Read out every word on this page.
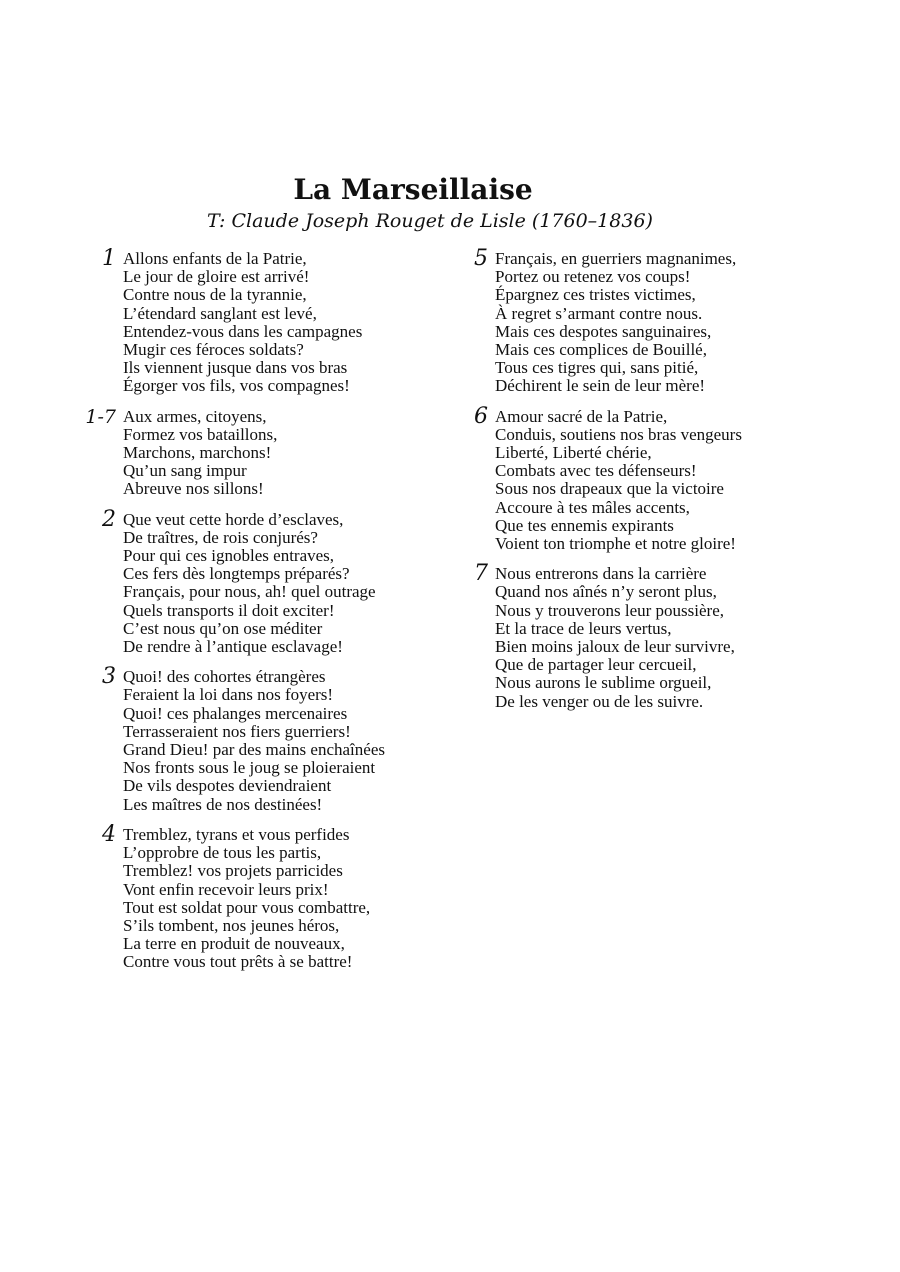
La Marseillaise

T: Claude Joseph Rouget de Lisle (1760–1836)

1 Allons enfants de la Patrie,
Le jour de gloire est arrivé!
Contre nous de la tyrannie,
L’étendard sanglant est levé,
Entendez-vous dans les campagnes
Mugir ces féroces soldats?
Ils viennent jusque dans vos bras
Égorger vos fils, vos compagnes!
1-7 Aux armes, citoyens,
Formez vos bataillons,
Marchons, marchons!
Qu’un sang impur
Abreuve nos sillons!
2 Que veut cette horde d’esclaves,
De traîtres, de rois conjurés?
Pour qui ces ignobles entraves,
Ces fers dès longtemps préparés?
Français, pour nous, ah! quel outrage
Quels transports il doit exciter!
C’est nous qu’on ose méditer
De rendre à l’antique esclavage!
3 Quoi! des cohortes étrangères
Feraient la loi dans nos foyers!
Quoi! ces phalanges mercenaires
Terrasseraient nos fiers guerriers!
Grand Dieu! par des mains enchaînées
Nos fronts sous le joug se ploieraient
De vils despotes deviendraient
Les maîtres de nos destinées!
4 Tremblez, tyrans et vous perfides
L’opprobre de tous les partis,
Tremblez! vos projets parricides
Vont enfin recevoir leurs prix!
Tout est soldat pour vous combattre,
S’ils tombent, nos jeunes héros,
La terre en produit de nouveaux,
Contre vous tout prêts à se battre!
5 Français, en guerriers magnanimes,
Portez ou retenez vos coups!
Épargnez ces tristes victimes,
À regret s’armant contre nous.
Mais ces despotes sanguinaires,
Mais ces complices de Bouillé,
Tous ces tigres qui, sans pitié,
Déchirent le sein de leur mère!
6 Amour sacré de la Patrie,
Conduis, soutiens nos bras vengeurs
Liberté, Liberté chérie,
Combats avec tes défenseurs!
Sous nos drapeaux que la victoire
Accoure à tes mâles accents,
Que tes ennemis expirants
Voient ton triomphe et notre gloire!
7 Nous entrerons dans la carrière
Quand nos aînés n’y seront plus,
Nous y trouverons leur poussière,
Et la trace de leurs vertus,
Bien moins jaloux de leur survivre,
Que de partager leur cercueil,
Nous aurons le sublime orgueil,
De les venger ou de les suivre.
